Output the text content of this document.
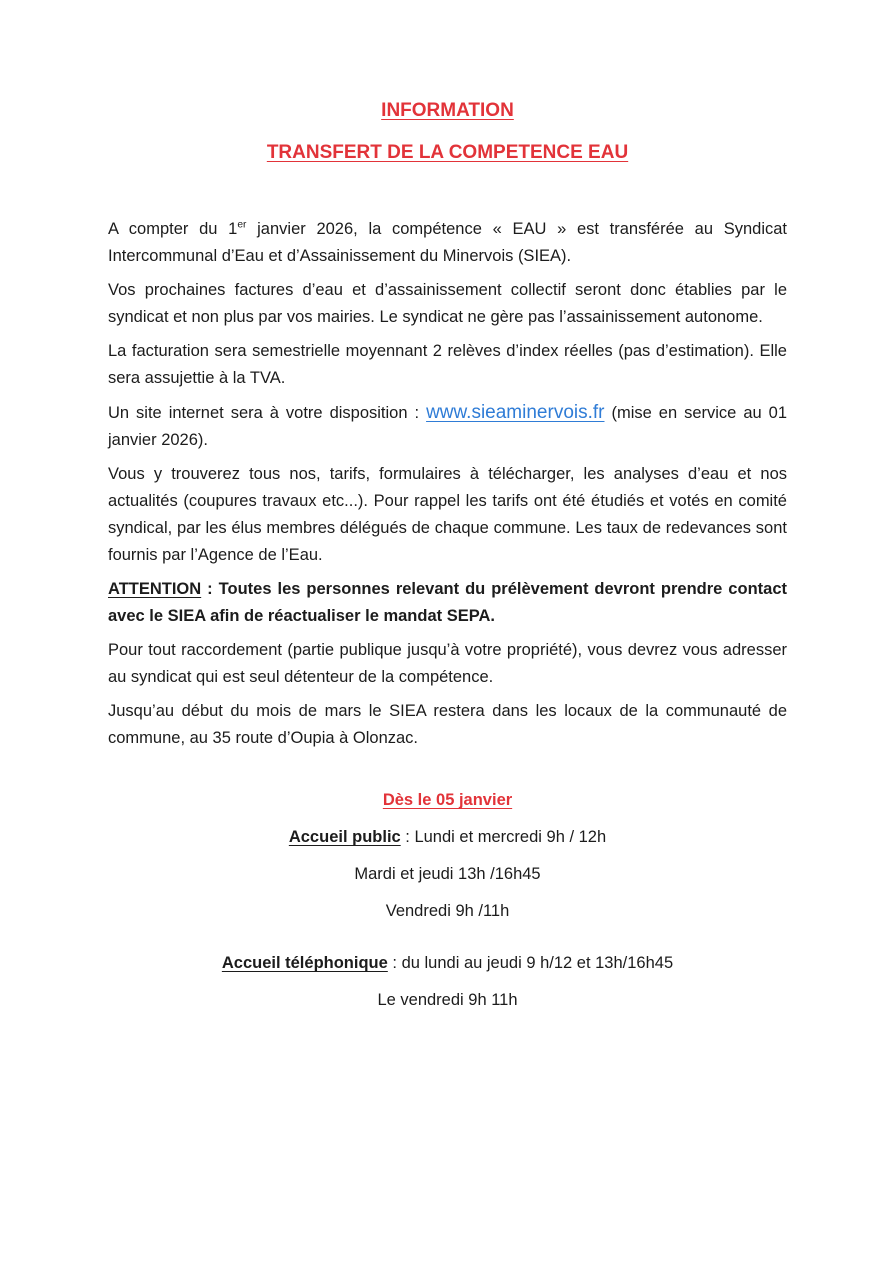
INFORMATION
TRANSFERT DE LA COMPETENCE EAU

A compter du 1er janvier 2026, la compétence « EAU » est transférée au Syndicat Intercommunal d’Eau et d’Assainissement du Minervois (SIEA).

Vos prochaines factures d’eau et d’assainissement collectif seront donc établies par le syndicat et non plus par vos mairies. Le syndicat ne gère pas l’assainissement autonome.

La facturation sera semestrielle moyennant 2 relèves d’index réelles (pas d’estimation). Elle sera assujettie à la TVA.

Un site internet sera à votre disposition : www.sieaminervois.fr (mise en service au 01 janvier 2026).

Vous y trouverez tous nos, tarifs, formulaires à télécharger, les analyses d’eau et nos actualités (coupures travaux etc...). Pour rappel les tarifs ont été étudiés et votés en comité syndical, par les élus membres délégués de chaque commune. Les taux de redevances sont fournis par l’Agence de l’Eau.

ATTENTION : Toutes les personnes relevant du prélèvement devront prendre contact avec le SIEA afin de réactualiser le mandat SEPA.

Pour tout raccordement (partie publique jusqu’à votre propriété), vous devrez vous adresser au syndicat qui est seul détenteur de la compétence.

Jusqu’au début du mois de mars le SIEA restera dans les locaux de la communauté de commune, au 35 route d’Oupia à Olonzac.

Dès le 05 janvier
Accueil public : Lundi et mercredi 9h / 12h
Mardi et jeudi 13h /16h45
Vendredi 9h /11h
Accueil téléphonique : du lundi au jeudi 9 h/12 et 13h/16h45
Le vendredi 9h 11h
